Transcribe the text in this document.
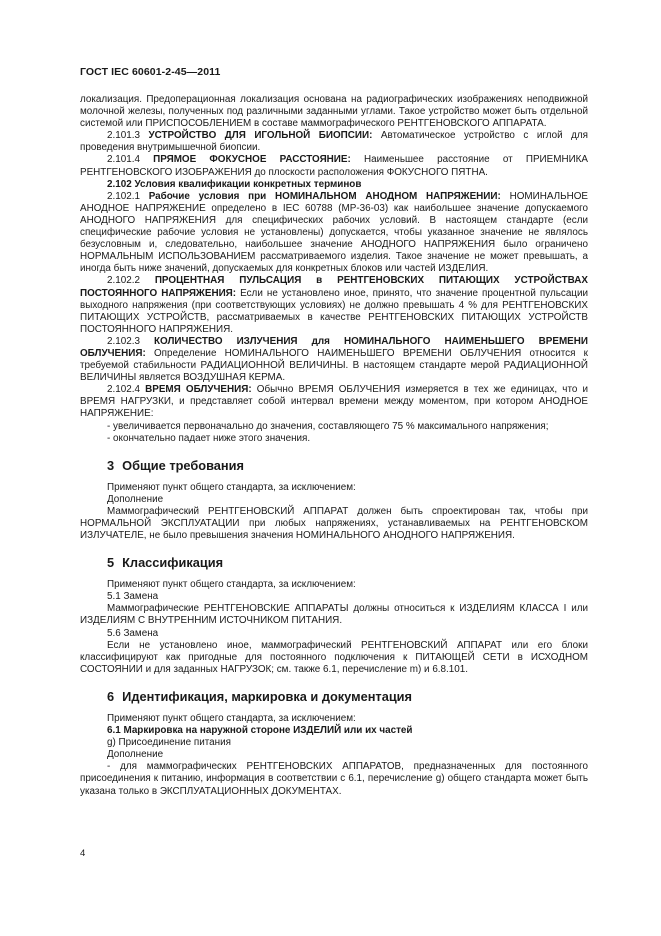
ГОСТ IEC 60601-2-45—2011

локализация. Предоперационная локализация основана на радиографических изображениях неподвижной молочной железы, полученных под различными заданными углами. Такое устройство может быть отдельной системой или ПРИСПОСОБЛЕНИЕМ в составе маммографического РЕНТГЕНОВСКОГО АППАРАТА.

2.101.3 УСТРОЙСТВО ДЛЯ ИГОЛЬНОЙ БИОПСИИ: Автоматическое устройство с иглой для проведения внутримышечной биопсии.

2.101.4 ПРЯМОЕ ФОКУСНОЕ РАССТОЯНИЕ: Наименьшее расстояние от ПРИЕМНИКА РЕНТГЕНОВСКОГО ИЗОБРАЖЕНИЯ до плоскости расположения ФОКУСНОГО ПЯТНА.

2.102 Условия квалификации конкретных терминов

2.102.1 Рабочие условия при НОМИНАЛЬНОМ АНОДНОМ НАПРЯЖЕНИИ: НОМИНАЛЬНОЕ АНОДНОЕ НАПРЯЖЕНИЕ определено в IEC 60788 (МР-36-03) как наибольшее значение допускаемого АНОДНОГО НАПРЯЖЕНИЯ для специфических рабочих условий. В настоящем стандарте (если специфические рабочие условия не установлены) допускается, чтобы указанное значение не являлось безусловным и, следовательно, наибольшее значение АНОДНОГО НАПРЯЖЕНИЯ было ограничено НОРМАЛЬНЫМ ИСПОЛЬЗОВАНИЕМ рассматриваемого изделия. Такое значение не может превышать, а иногда быть ниже значений, допускаемых для конкретных блоков или частей ИЗДЕЛИЯ.

2.102.2 ПРОЦЕНТНАЯ ПУЛЬСАЦИЯ в РЕНТГЕНОВСКИХ ПИТАЮЩИХ УСТРОЙСТВАХ ПОСТОЯННОГО НАПРЯЖЕНИЯ: Если не установлено иное, принято, что значение процентной пульсации выходного напряжения (при соответствующих условиях) не должно превышать 4 % для РЕНТГЕНОВСКИХ ПИТАЮЩИХ УСТРОЙСТВ, рассматриваемых в качестве РЕНТГЕНОВСКИХ ПИТАЮЩИХ УСТРОЙСТВ ПОСТОЯННОГО НАПРЯЖЕНИЯ.

2.102.3 КОЛИЧЕСТВО ИЗЛУЧЕНИЯ для НОМИНАЛЬНОГО НАИМЕНЬШЕГО ВРЕМЕНИ ОБЛУЧЕНИЯ: Определение НОМИНАЛЬНОГО НАИМЕНЬШЕГО ВРЕМЕНИ ОБЛУЧЕНИЯ относится к требуемой стабильности РАДИАЦИОННОЙ ВЕЛИЧИНЫ. В настоящем стандарте мерой РАДИАЦИОННОЙ ВЕЛИЧИНЫ является ВОЗДУШНАЯ КЕРМА.

2.102.4 ВРЕМЯ ОБЛУЧЕНИЯ: Обычно ВРЕМЯ ОБЛУЧЕНИЯ измеряется в тех же единицах, что и ВРЕМЯ НАГРУЗКИ, и представляет собой интервал времени между моментом, при котором АНОДНОЕ НАПРЯЖЕНИЕ:

- увеличивается первоначально до значения, составляющего 75 % максимального напряжения;

- окончательно падает ниже этого значения.

3 Общие требования

Применяют пункт общего стандарта, за исключением:

Дополнение

Маммографический РЕНТГЕНОВСКИЙ АППАРАТ должен быть спроектирован так, чтобы при НОРМАЛЬНОЙ ЭКСПЛУАТАЦИИ при любых напряжениях, устанавливаемых на РЕНТГЕНОВСКОМ ИЗЛУЧАТЕЛЕ, не было превышения значения НОМИНАЛЬНОГО АНОДНОГО НАПРЯЖЕНИЯ.

5 Классификация

Применяют пункт общего стандарта, за исключением:

5.1 Замена

Маммографические РЕНТГЕНОВСКИЕ АППАРАТЫ должны относиться к ИЗДЕЛИЯМ КЛАССА I или ИЗДЕЛИЯМ С ВНУТРЕННИМ ИСТОЧНИКОМ ПИТАНИЯ.

5.6 Замена

Если не установлено иное, маммографический РЕНТГЕНОВСКИЙ АППАРАТ или его блоки классифицируют как пригодные для постоянного подключения к ПИТАЮЩЕЙ СЕТИ в ИСХОДНОМ СОСТОЯНИИ и для заданных НАГРУЗОК; см. также 6.1, перечисление m) и 6.8.101.

6 Идентификация, маркировка и документация

Применяют пункт общего стандарта, за исключением:

6.1 Маркировка на наружной стороне ИЗДЕЛИЙ или их частей

g) Присоединение питания

Дополнение

- для маммографических РЕНТГЕНОВСКИХ АППАРАТОВ, предназначенных для постоянного присоединения к питанию, информация в соответствии с 6.1, перечисление g) общего стандарта может быть указана только в ЭКСПЛУАТАЦИОННЫХ ДОКУМЕНТАХ.

4
